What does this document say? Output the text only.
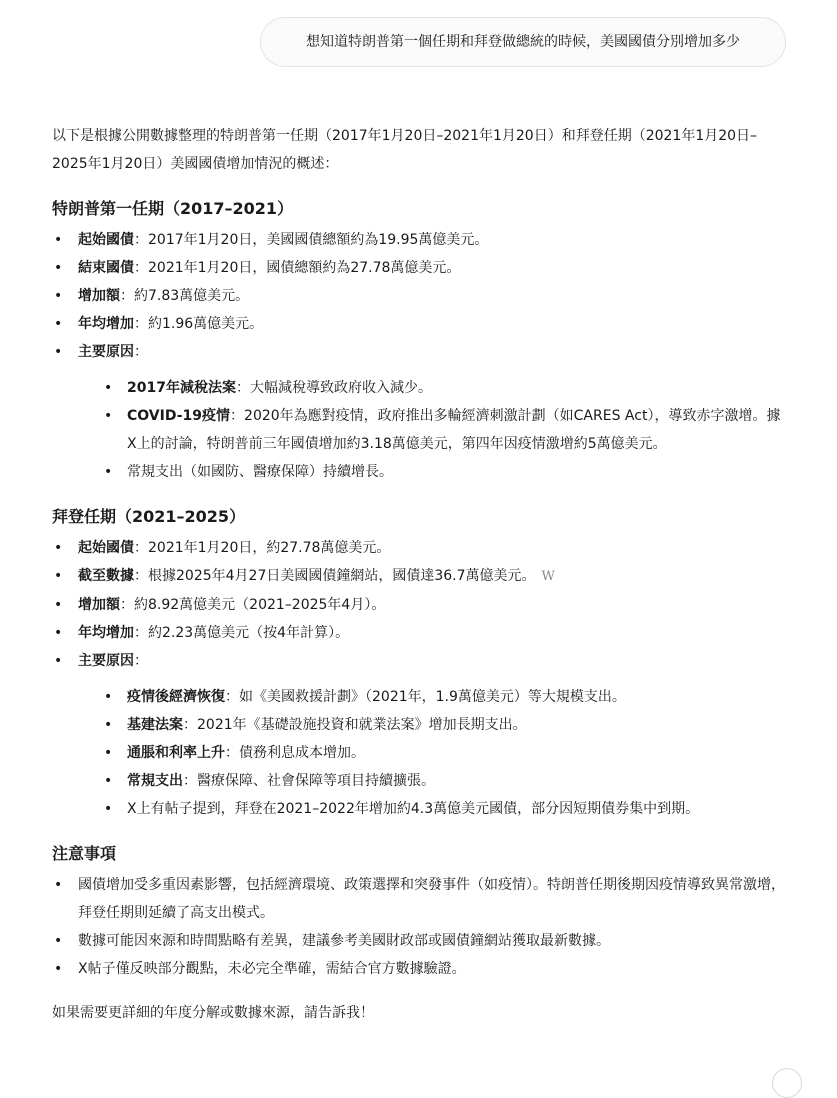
想知道特朗普第一個任期和拜登做總統的時候，美國國債分別增加多少

以下是根據公開數據整理的特朗普第一任期（2017年1月20日–2021年1月20日）和拜登任期（2021年1月20日–2025年1月20日）美國國債增加情況的概述：

特朗普第一任期（2017–2021）
• 起始國債：2017年1月20日，美國國債總額約為19.95萬億美元。
• 結束國債：2021年1月20日，國債總額約為27.78萬億美元。
• 增加額：約7.83萬億美元。
• 年均增加：約1.96萬億美元。
• 主要原因：
• 2017年減稅法案：大幅減稅導致政府收入減少。
• COVID-19疫情：2020年為應對疫情，政府推出多輪經濟刺激計劃（如CARES Act），導致赤字激增。據X上的討論，特朗普前三年國債增加約3.18萬億美元，第四年因疫情激增約5萬億美元。
• 常規支出（如國防、醫療保障）持續增長。
拜登任期（2021–2025）
• 起始國債：2021年1月20日，約27.78萬億美元。
• 截至數據：根據2025年4月27日美國國債鐘網站，國債達36.7萬億美元。 W
• 增加額：約8.92萬億美元（2021–2025年4月）。
• 年均增加：約2.23萬億美元（按4年計算）。
• 主要原因：
• 疫情後經濟恢復：如《美國救援計劃》（2021年，1.9萬億美元）等大規模支出。
• 基建法案：2021年《基礎設施投資和就業法案》增加長期支出。
• 通脹和利率上升：債務利息成本增加。
• 常規支出：醫療保障、社會保障等項目持續擴張。
• X上有帖子提到，拜登在2021–2022年增加約4.3萬億美元國債，部分因短期債券集中到期。
注意事項
• 國債增加受多重因素影響，包括經濟環境、政策選擇和突發事件（如疫情）。特朗普任期後期因疫情導致異常激增，拜登任期則延續了高支出模式。
• 數據可能因來源和時間點略有差異，建議參考美國財政部或國債鐘網站獲取最新數據。
• X帖子僅反映部分觀點，未必完全準確，需結合官方數據驗證。

如果需要更詳細的年度分解或數據來源，請告訴我！
